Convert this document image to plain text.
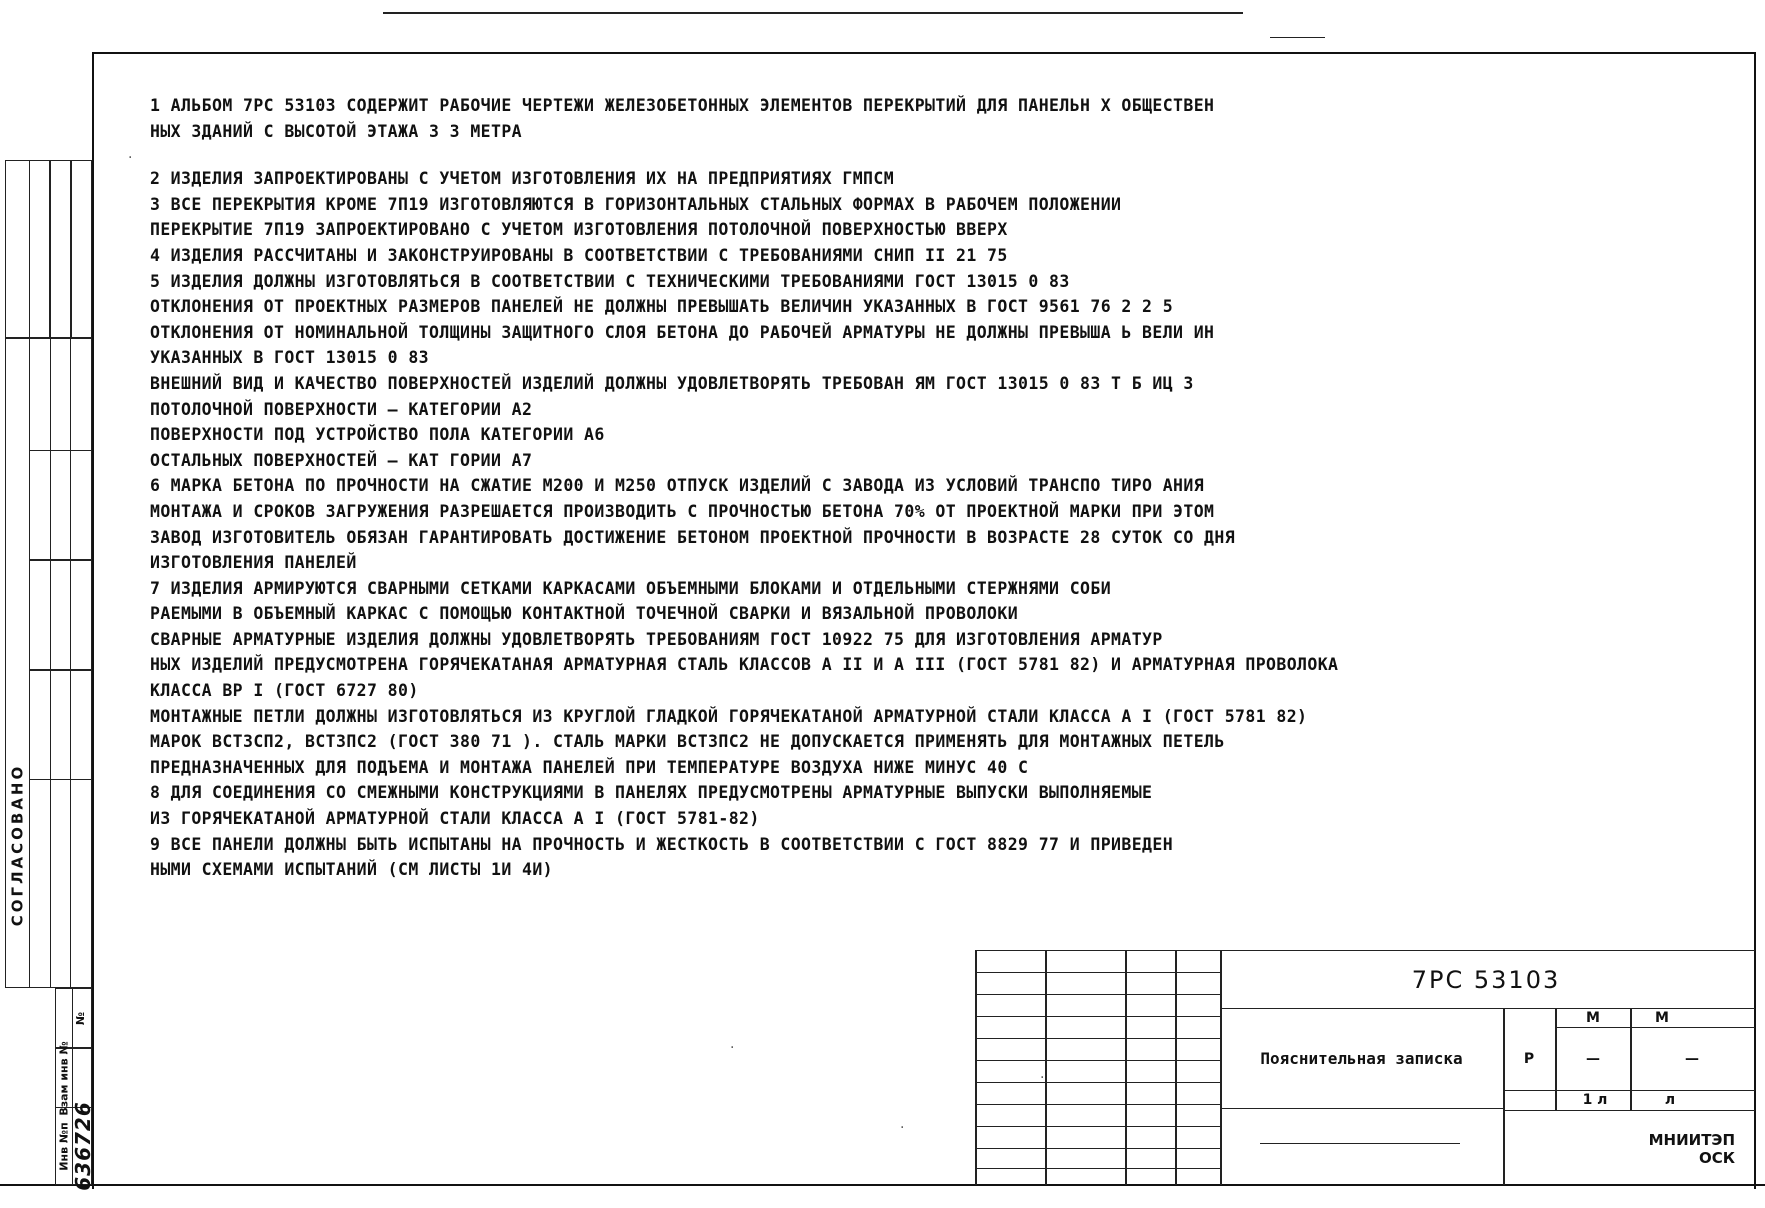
СОГЛАСОВАНО
№
Взам инв №
Инв №п 636726
1 АЛЬБОМ 7РС 53103 СОДЕРЖИТ РАБОЧИЕ ЧЕРТЕЖИ ЖЕЛЕЗОБЕТОННЫХ ЭЛЕМЕНТОВ ПЕРЕКРЫТИЙ ДЛЯ ПАНЕЛЬН Х ОБЩЕСТВЕН
НЫХ ЗДАНИЙ С ВЫСОТОЙ ЭТАЖА 3 3 МЕТРА
2 ИЗДЕЛИЯ ЗАПРОЕКТИРОВАНЫ С УЧЕТОМ ИЗГОТОВЛЕНИЯ ИХ НА ПРЕДПРИЯТИЯХ ГМПСМ
3 ВСЕ ПЕРЕКРЫТИЯ КРОМЕ 7П19 ИЗГОТОВЛЯЮТСЯ В ГОРИЗОНТАЛЬНЫХ СТАЛЬНЫХ ФОРМАХ В РАБОЧЕМ ПОЛОЖЕНИИ
ПЕРЕКРЫТИЕ 7П19 ЗАПРОЕКТИРОВАНО С УЧЕТОМ ИЗГОТОВЛЕНИЯ ПОТОЛОЧНОЙ ПОВЕРХНОСТЬЮ ВВЕРХ
4 ИЗДЕЛИЯ РАССЧИТАНЫ И ЗАКОНСТРУИРОВАНЫ В СООТВЕТСТВИИ С ТРЕБОВАНИЯМИ СНИП II 21 75
5 ИЗДЕЛИЯ ДОЛЖНЫ ИЗГОТОВЛЯТЬСЯ В СООТВЕТСТВИИ С ТЕХНИЧЕСКИМИ ТРЕБОВАНИЯМИ ГОСТ 13015 0 83
ОТКЛОНЕНИЯ ОТ ПРОЕКТНЫХ РАЗМЕРОВ ПАНЕЛЕЙ НЕ ДОЛЖНЫ ПРЕВЫШАТЬ ВЕЛИЧИН УКАЗАННЫХ В ГОСТ 9561 76 2 2 5
ОТКЛОНЕНИЯ ОТ НОМИНАЛЬНОЙ ТОЛЩИНЫ ЗАЩИТНОГО СЛОЯ БЕТОНА ДО РАБОЧЕЙ АРМАТУРЫ НЕ ДОЛЖНЫ ПРЕВЫША Ь ВЕЛИ ИН
УКАЗАННЫХ В ГОСТ 13015 0 83
ВНЕШНИЙ ВИД И КАЧЕСТВО ПОВЕРХНОСТЕЙ ИЗДЕЛИЙ ДОЛЖНЫ УДОВЛЕТВОРЯТЬ ТРЕБОВАН ЯМ ГОСТ 13015 0 83 Т Б ИЦ 3
ПОТОЛОЧНОЙ ПОВЕРХНОСТИ — КАТЕГОРИИ А2
ПОВЕРХНОСТИ ПОД УСТРОЙСТВО ПОЛА КАТЕГОРИИ А6
ОСТАЛЬНЫХ ПОВЕРХНОСТЕЙ — КАТ ГОРИИ А7
6 МАРКА БЕТОНА ПО ПРОЧНОСТИ НА СЖАТИЕ М200 И М250 ОТПУСК ИЗДЕЛИЙ С ЗАВОДА ИЗ УСЛОВИЙ ТРАНСПО ТИРО АНИЯ
МОНТАЖА И СРОКОВ ЗАГРУЖЕНИЯ РАЗРЕШАЕТСЯ ПРОИЗВОДИТЬ С ПРОЧНОСТЬЮ БЕТОНА 70% ОТ ПРОЕКТНОЙ МАРКИ ПРИ ЭТОМ
ЗАВОД ИЗГОТОВИТЕЛЬ ОБЯЗАН ГАРАНТИРОВАТЬ ДОСТИЖЕНИЕ БЕТОНОМ ПРОЕКТНОЙ ПРОЧНОСТИ В ВОЗРАСТЕ 28 СУТОК СО ДНЯ
ИЗГОТОВЛЕНИЯ ПАНЕЛЕЙ
7 ИЗДЕЛИЯ АРМИРУЮТСЯ СВАРНЫМИ СЕТКАМИ КАРКАСАМИ ОБЪЕМНЫМИ БЛОКАМИ И ОТДЕЛЬНЫМИ СТЕРЖНЯМИ СОБИ
РАЕМЫМИ В ОБЪЕМНЫЙ КАРКАС С ПОМОЩЬЮ КОНТАКТНОЙ ТОЧЕЧНОЙ СВАРКИ И ВЯЗАЛЬНОЙ ПРОВОЛОКИ
СВАРНЫЕ АРМАТУРНЫЕ ИЗДЕЛИЯ ДОЛЖНЫ УДОВЛЕТВОРЯТЬ ТРЕБОВАНИЯМ ГОСТ 10922 75 ДЛЯ ИЗГОТОВЛЕНИЯ АРМАТУР
НЫХ ИЗДЕЛИЙ ПРЕДУСМОТРЕНА ГОРЯЧЕКАТАНАЯ АРМАТУРНАЯ СТАЛЬ КЛАССОВ А II И А III (ГОСТ 5781 82) И АРМАТУРНАЯ ПРОВОЛОКА
КЛАССА ВР I (ГОСТ 6727 80)
МОНТАЖНЫЕ ПЕТЛИ ДОЛЖНЫ ИЗГОТОВЛЯТЬСЯ ИЗ КРУГЛОЙ ГЛАДКОЙ ГОРЯЧЕКАТАНОЙ АРМАТУРНОЙ СТАЛИ КЛАССА А I (ГОСТ 5781 82)
МАРОК ВСТ3СП2, ВСТ3ПС2 (ГОСТ 380 71 ). СТАЛЬ МАРКИ ВСТ3ПС2 НЕ ДОПУСКАЕТСЯ ПРИМЕНЯТЬ ДЛЯ МОНТАЖНЫХ ПЕТЕЛЬ
ПРЕДНАЗНАЧЕННЫХ ДЛЯ ПОДЪЕМА И МОНТАЖА ПАНЕЛЕЙ ПРИ ТЕМПЕРАТУРЕ ВОЗДУХА НИЖЕ МИНУС 40 С
8 ДЛЯ СОЕДИНЕНИЯ СО СМЕЖНЫМИ КОНСТРУКЦИЯМИ В ПАНЕЛЯХ ПРЕДУСМОТРЕНЫ АРМАТУРНЫЕ ВЫПУСКИ ВЫПОЛНЯЕМЫЕ
ИЗ ГОРЯЧЕКАТАНОЙ АРМАТУРНОЙ СТАЛИ КЛАССА А I (ГОСТ 5781-82)
9 ВСЕ ПАНЕЛИ ДОЛЖНЫ БЫТЬ ИСПЫТАНЫ НА ПРОЧНОСТЬ И ЖЕСТКОСТЬ В СООТВЕТСТВИИ С ГОСТ 8829 77 И ПРИВЕДЕН
НЫМИ СХЕМАМИ ИСПЫТАНИЙ (СМ ЛИСТЫ 1И 4И)
·
·
·
·
7РС 53103
Пояснительная записка	Р
М	М
—	—
1 л	л
МНИИТЭП
ОСК
